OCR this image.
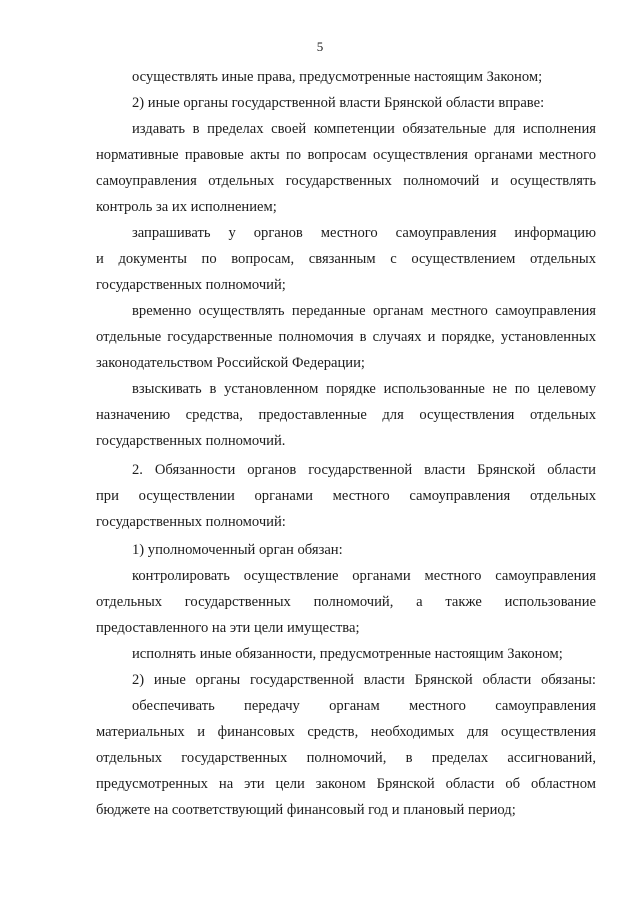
5
осуществлять иные права, предусмотренные настоящим Законом;
2) иные органы государственной власти Брянской области вправе:
издавать в пределах своей компетенции обязательные для исполнения
нормативные правовые акты по вопросам осуществления органами местного
самоуправления отдельных государственных полномочий и осуществлять
контроль за их исполнением;
запрашивать у органов местного самоуправления информацию
и документы по вопросам, связанным с осуществлением отдельных
государственных полномочий;
временно осуществлять переданные органам местного самоуправления
отдельные государственные полномочия в случаях и порядке, установленных
законодательством Российской Федерации;
взыскивать в установленном порядке использованные не по целевому
назначению средства, предоставленные для осуществления отдельных
государственных полномочий.
2. Обязанности органов государственной власти Брянской области
при осуществлении органами местного самоуправления отдельных
государственных полномочий:
1) уполномоченный орган обязан:
контролировать осуществление органами местного самоуправления
отдельных государственных полномочий, а также использование
предоставленного на эти цели имущества;
исполнять иные обязанности, предусмотренные настоящим Законом;
2) иные органы государственной власти Брянской области обязаны:
обеспечивать передачу органам местного самоуправления
материальных и финансовых средств, необходимых для осуществления
отдельных государственных полномочий, в пределах ассигнований,
предусмотренных на эти цели законом Брянской области об областном
бюджете на соответствующий финансовый год и плановый период;
